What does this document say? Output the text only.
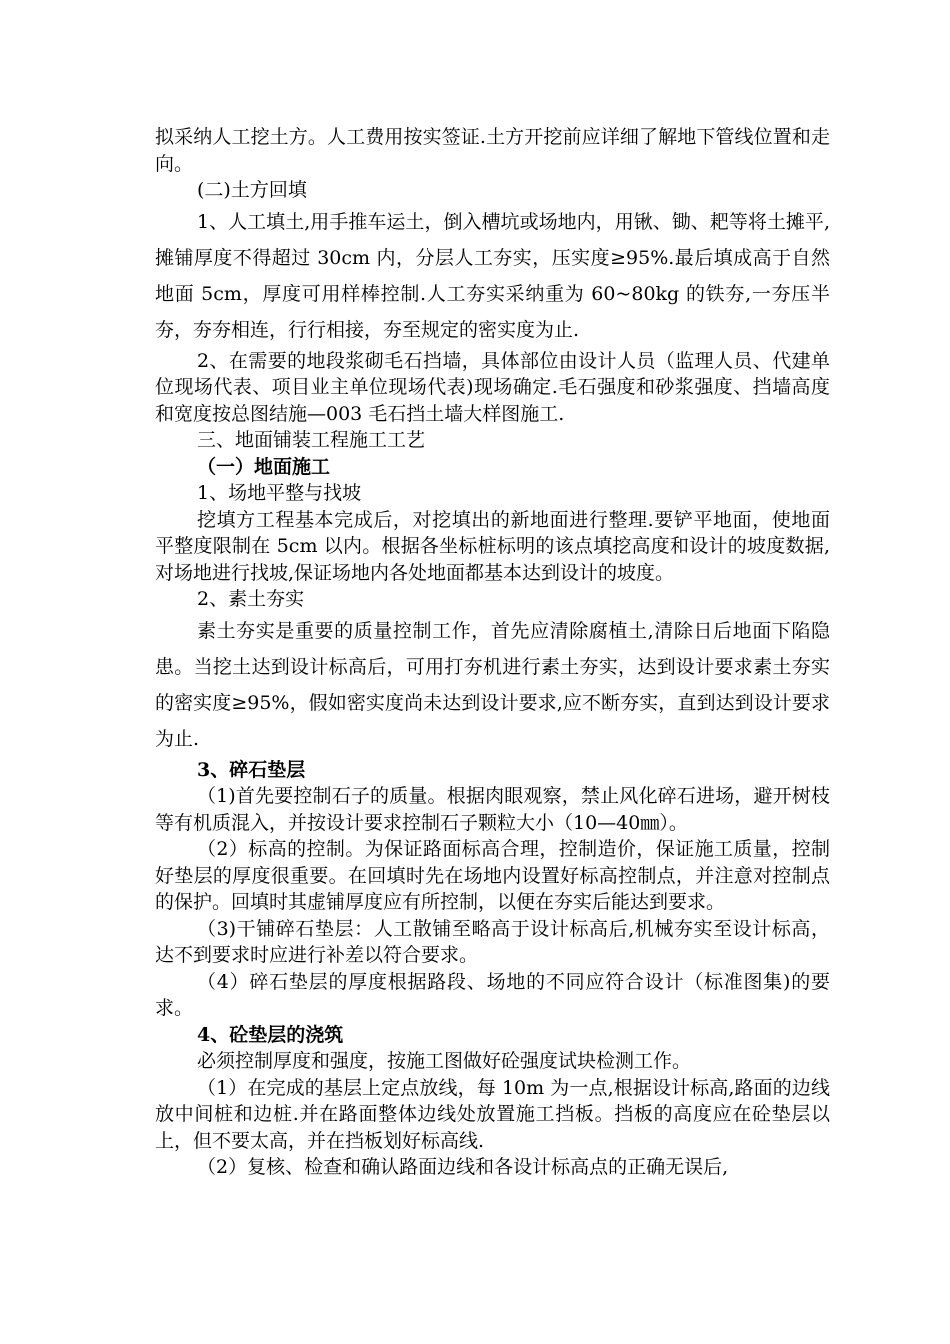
拟采纳人工挖土方。人工费用按实签证.土方开挖前应详细了解地下管线位置和走向。

(二)土方回填

1、人工填土,用手推车运土，倒入槽坑或场地内，用锹、锄、耙等将土摊平,摊铺厚度不得超过 30cm 内，分层人工夯实，压实度≥95%.最后填成高于自然地面 5cm，厚度可用样棒控制.人工夯实采纳重为 60~80kg 的铁夯,一夯压半夯，夯夯相连，行行相接，夯至规定的密实度为止.

2、在需要的地段浆砌毛石挡墙，具体部位由设计人员（监理人员、代建单位现场代表、项目业主单位现场代表)现场确定.毛石强度和砂浆强度、挡墙高度和宽度按总图结施—003 毛石挡土墙大样图施工.

三、地面铺装工程施工工艺

（一）地面施工

1、场地平整与找坡

挖填方工程基本完成后，对挖填出的新地面进行整理.要铲平地面，使地面平整度限制在 5cm 以内。根据各坐标桩标明的该点填挖高度和设计的坡度数据,对场地进行找坡,保证场地内各处地面都基本达到设计的坡度。

2、素土夯实

素土夯实是重要的质量控制工作，首先应清除腐植土,清除日后地面下陷隐患。当挖土达到设计标高后，可用打夯机进行素土夯实，达到设计要求素土夯实的密实度≥95%，假如密实度尚未达到设计要求,应不断夯实，直到达到设计要求为止.

3、碎石垫层

（1)首先要控制石子的质量。根据肉眼观察，禁止风化碎石进场，避开树枝等有机质混入，并按设计要求控制石子颗粒大小（10—40㎜）。

（2）标高的控制。为保证路面标高合理，控制造价，保证施工质量，控制好垫层的厚度很重要。在回填时先在场地内设置好标高控制点，并注意对控制点的保护。回填时其虚铺厚度应有所控制，以便在夯实后能达到要求。

（3)干铺碎石垫层：人工散铺至略高于设计标高后,机械夯实至设计标高，达不到要求时应进行补差以符合要求。

（4）碎石垫层的厚度根据路段、场地的不同应符合设计（标准图集)的要求。

4、砼垫层的浇筑

必须控制厚度和强度，按施工图做好砼强度试块检测工作。

（1）在完成的基层上定点放线，每 10m 为一点,根据设计标高,路面的边线放中间桩和边桩.并在路面整体边线处放置施工挡板。挡板的高度应在砼垫层以上，但不要太高，并在挡板划好标高线.

（2）复核、检查和确认路面边线和各设计标高点的正确无误后,
